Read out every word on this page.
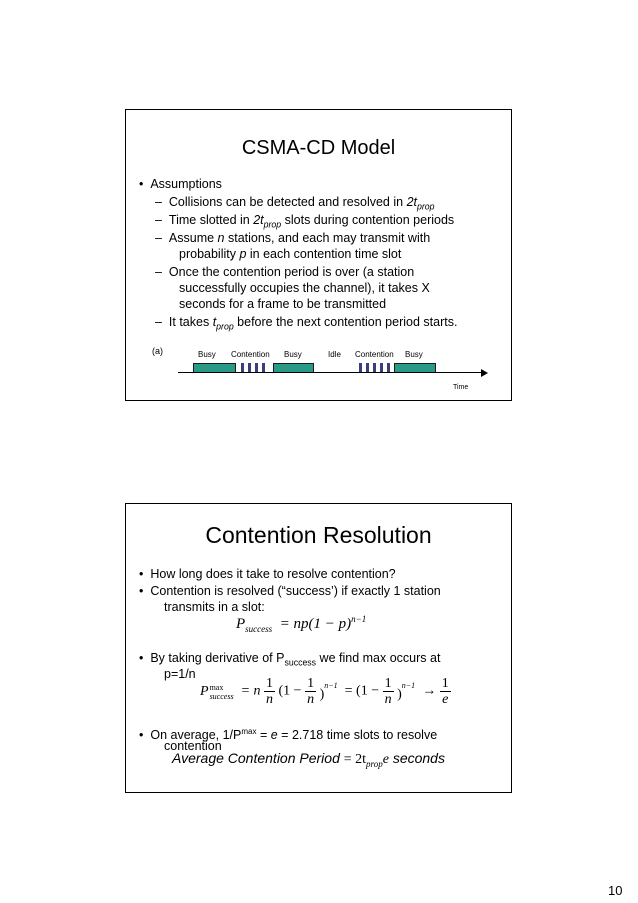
CSMA-CD Model
• Assumptions
– Collisions can be detected and resolved in $2t_{prop}$
– Time slotted in $2t_{prop}$ slots during contention periods
– Assume n stations, and each may transmit with
probability p in each contention time slot
– Once the contention period is over (a station
successfully occupies the channel), it takes X
seconds for a frame to be transmitted
– It takes $t_{prop}$ before the next contention period starts.
(a)	Busy Contention Busy	Idle Contention Busy
Time
Contention Resolution
• How long does it take to resolve contention?
• Contention is resolved (“success’) if exactly 1 station
transmits in a slot:
$P_{success} = np(1 - p)^{n-1}$
• By taking derivative of $P_{success}$ we find max occurs at
p=1/n
P max
success = n $\frac{1}{n} (1 - \frac{1}{n} )^{n-1} = (1 - \frac{1}{n} )^{n-1} \to \frac{1}{e}$
• On average, $1/P^{max} = e = 2.718$ time slots to resolve
contention
Average Contention Period = $2t_{prop}e$ seconds
10
